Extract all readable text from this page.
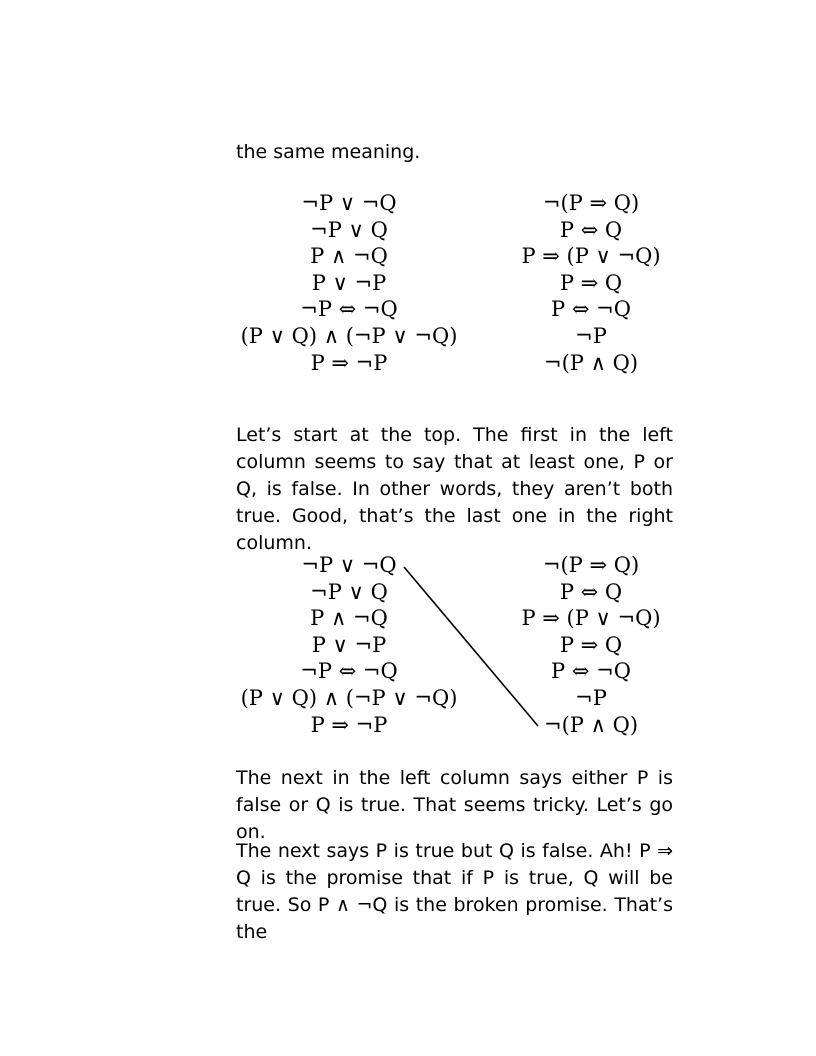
the same meaning.
¬P ∨ ¬Q
¬P ∨ Q
P ∧ ¬Q
P ∨ ¬P
¬P ⇔ ¬Q
(P ∨ Q) ∧ (¬P ∨ ¬Q)
P ⇒ ¬P
¬(P ⇒ Q)
P ⇔ Q
P ⇒ (P ∨ ¬Q)
P ⇒ Q
P ⇔ ¬Q
¬P
¬(P ∧ Q)

Let’s start at the top. The first in the left column seems to say that at least one, P or Q, is false. In other words, they aren’t both true. Good, that’s the last one in the right column.

¬P ∨ ¬Q
¬P ∨ Q
P ∧ ¬Q
P ∨ ¬P
¬P ⇔ ¬Q
(P ∨ Q) ∧ (¬P ∨ ¬Q)
P ⇒ ¬P
¬(P ⇒ Q)
P ⇔ Q
P ⇒ (P ∨ ¬Q)
P ⇒ Q
P ⇔ ¬Q
¬P
¬(P ∧ Q)

The next in the left column says either P is false or Q is true. That seems tricky. Let’s go on.

The next says P is true but Q is false. Ah! P ⇒ Q is the promise that if P is true, Q will be true. So P ∧ ¬Q is the broken promise. That’s the
